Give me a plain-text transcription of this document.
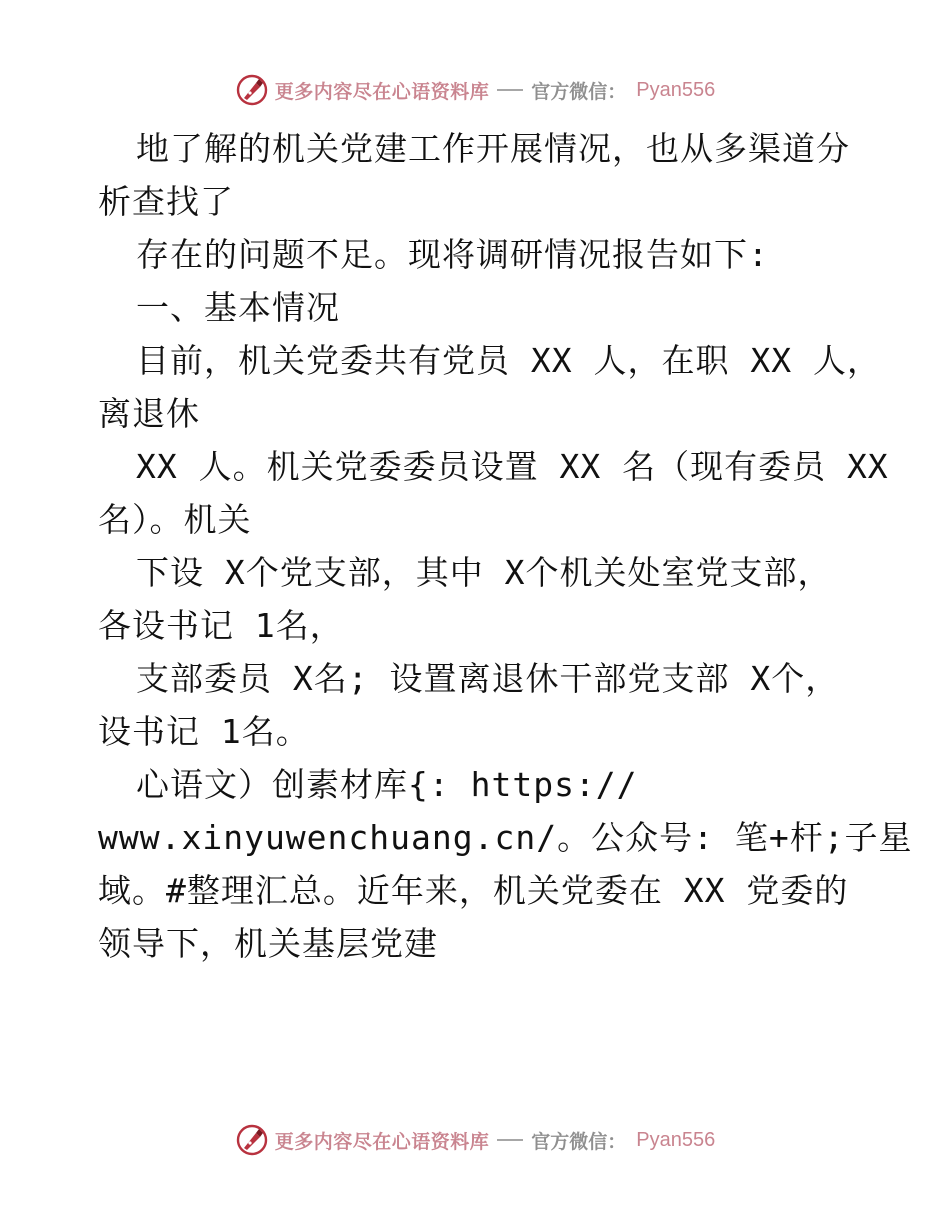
更多内容尽在心语资料库 官方微信： Pyan556
地了解的机关党建工作开展情况，也从多渠道分
析查找了
存在的问题不足。现将调研情况报告如下:
一、基本情况
目前，机关党委共有党员 XX 人，在职 XX 人，
离退休
XX 人。机关党委委员设置 XX 名（现有委员 XX
名）。机关
下设 X个党支部，其中 X个机关处室党支部，
各设书记 1名，
支部委员 X名; 设置离退休干部党支部 X个，
设书记 1名。
心语文）创素材库{: https://
www.xinyuwenchuang.cn/。公众号: 笔+杆;子星
域。#整理汇总。近年来，机关党委在 XX 党委的
领导下，机关基层党建
更多内容尽在心语资料库 官方微信： Pyan556
